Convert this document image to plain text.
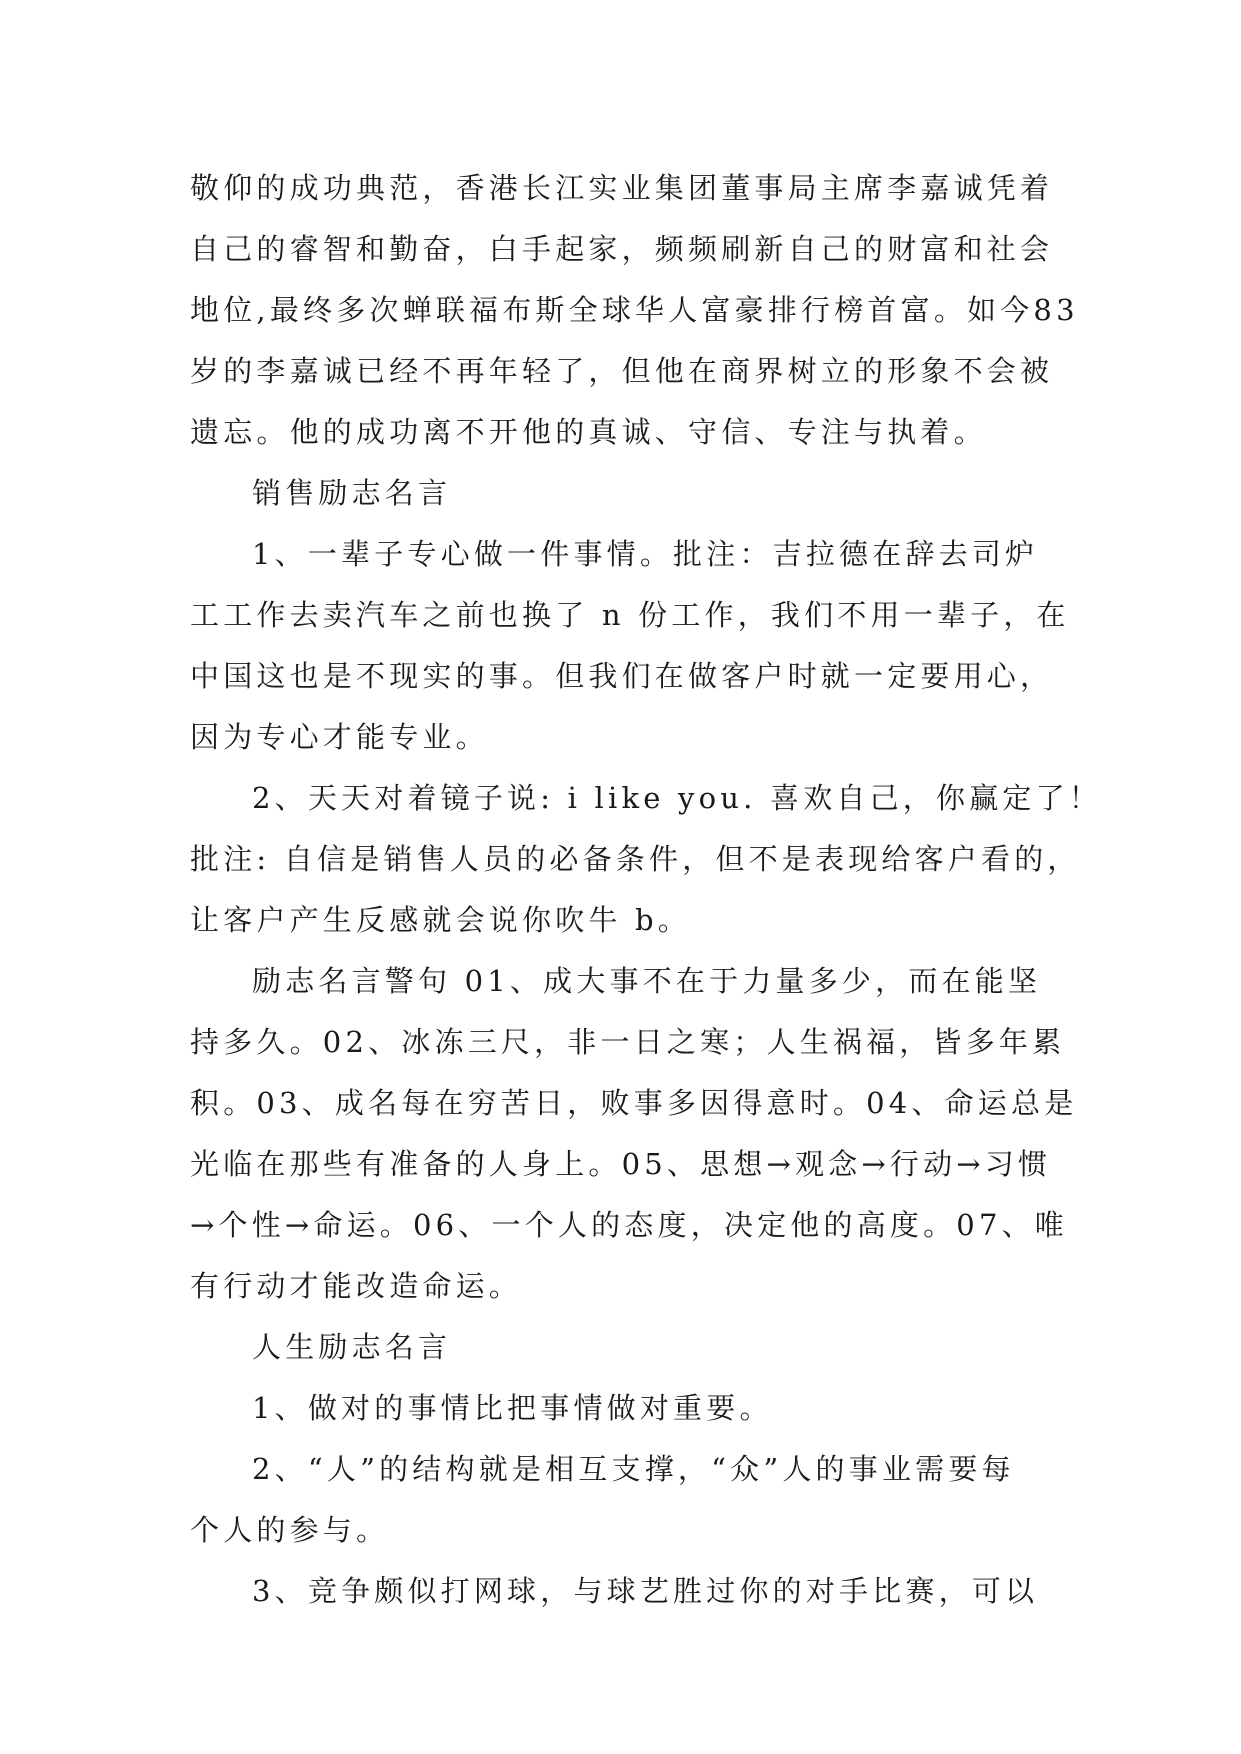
敬仰的成功典范，香港长江实业集团董事局主席李嘉诚凭着
自己的睿智和勤奋，白手起家，频频刷新自己的财富和社会
地位,最终多次蝉联福布斯全球华人富豪排行榜首富。如今83
岁的李嘉诚已经不再年轻了，但他在商界树立的形象不会被
遗忘。他的成功离不开他的真诚、守信、专注与执着。
销售励志名言
1、一辈子专心做一件事情。批注：吉拉德在辞去司炉
工工作去卖汽车之前也换了 n 份工作，我们不用一辈子，在
中国这也是不现实的事。但我们在做客户时就一定要用心，
因为专心才能专业。
2、天天对着镜子说: i like you. 喜欢自己，你赢定了！
批注: 自信是销售人员的必备条件，但不是表现给客户看的，
让客户产生反感就会说你吹牛 b。
励志名言警句 01、成大事不在于力量多少，而在能坚
持多久。02、冰冻三尺，非一日之寒；人生祸福，皆多年累
积。03、成名每在穷苦日，败事多因得意时。04、命运总是
光临在那些有准备的人身上。05、思想→观念→行动→习惯
→个性→命运。06、一个人的态度，决定他的高度。07、唯
有行动才能改造命运。
人生励志名言
1、做对的事情比把事情做对重要。
2、“人”的结构就是相互支撑，“众”人的事业需要每
个人的参与。
3、竞争颇似打网球，与球艺胜过你的对手比赛，可以
